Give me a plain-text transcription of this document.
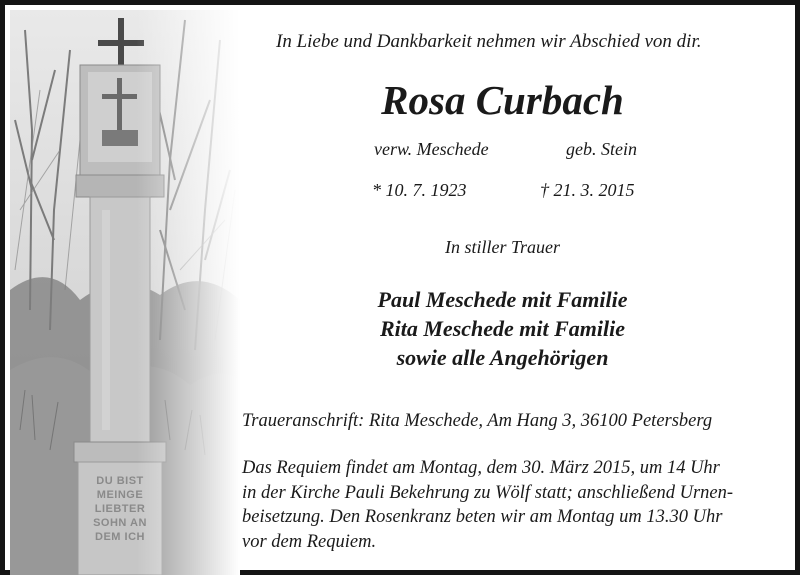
DU BIST
MEINGE
LIEBTER
SOHN AN
DEM ICH
In Liebe und Dankbarkeit nehmen wir Abschied von dir.
Rosa Curbach
verw. Meschede	geb. Stein
* 10. 7. 1923	† 21. 3. 2015
In stiller Trauer
Paul Meschede mit Familie
Rita Meschede mit Familie
sowie alle Angehörigen
Traueranschrift: Rita Meschede, Am Hang 3, 36100 Petersberg
Das Requiem findet am Montag, dem 30. März 2015, um 14 Uhr
in der Kirche Pauli Bekehrung zu Wölf statt; anschließend Urnen-
beisetzung. Den Rosenkranz beten wir am Montag um 13.30 Uhr
vor dem Requiem.
